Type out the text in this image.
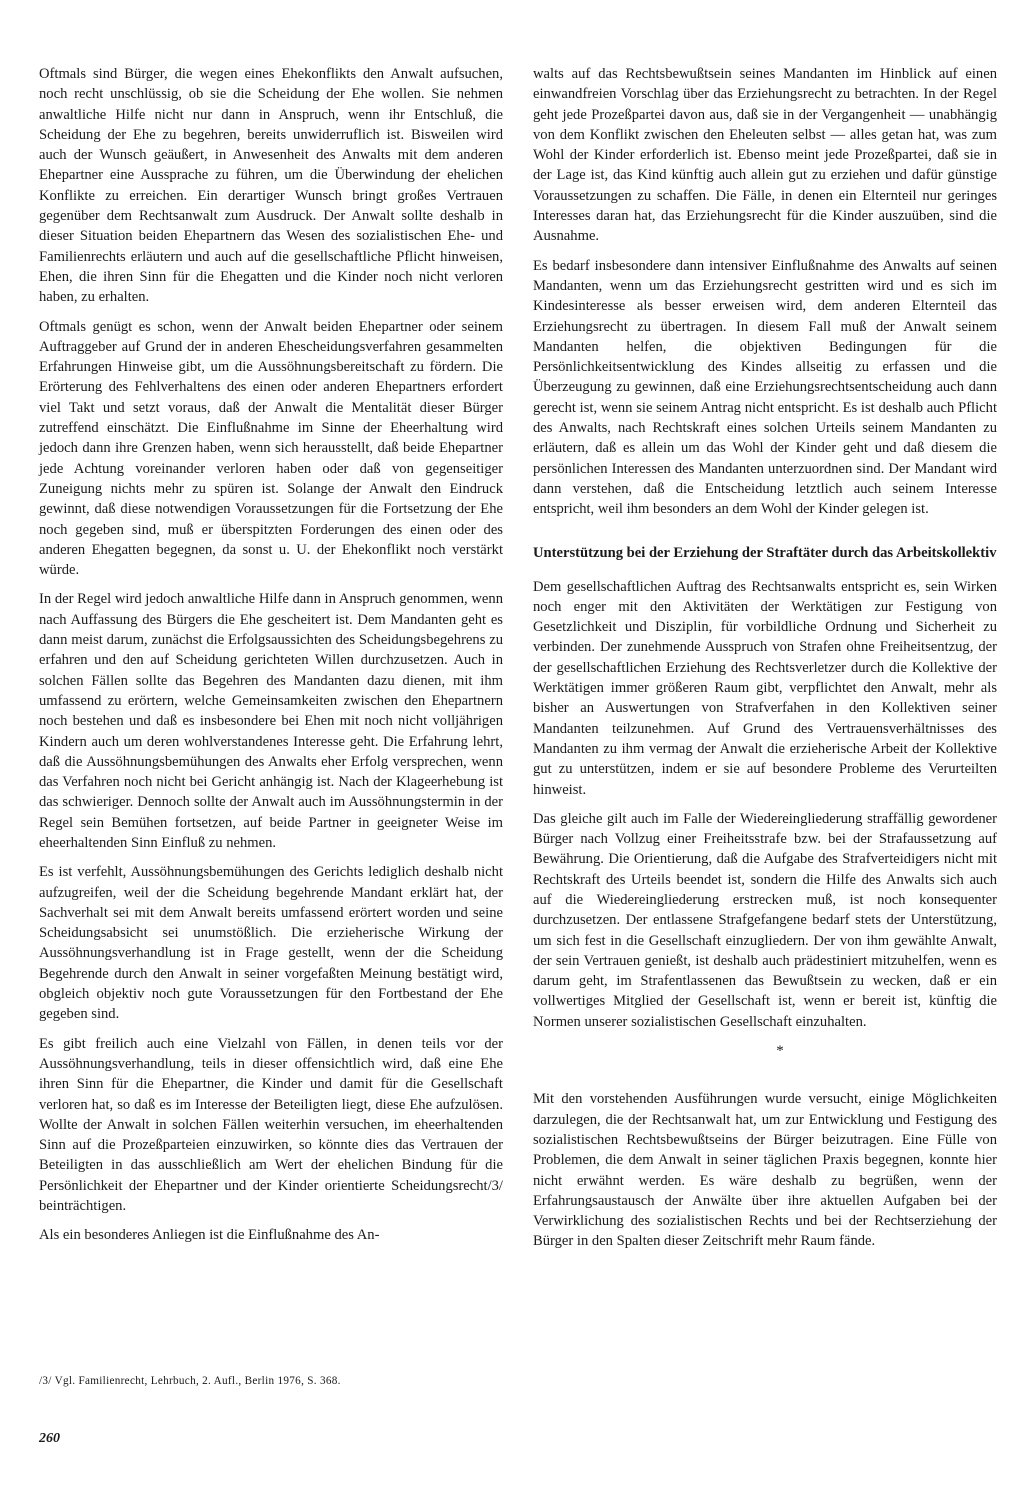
Oftmals sind Bürger, die wegen eines Ehekonflikts den Anwalt aufsuchen, noch recht unschlüssig, ob sie die Scheidung der Ehe wollen. Sie nehmen anwaltliche Hilfe nicht nur dann in Anspruch, wenn ihr Entschluß, die Scheidung der Ehe zu begehren, bereits unwiderruflich ist. Bisweilen wird auch der Wunsch geäußert, in Anwesenheit des Anwalts mit dem anderen Ehepartner eine Aussprache zu führen, um die Überwindung der ehelichen Konflikte zu erreichen. Ein derartiger Wunsch bringt großes Vertrauen gegenüber dem Rechtsanwalt zum Ausdruck. Der Anwalt sollte deshalb in dieser Situation beiden Ehepartnern das Wesen des sozialistischen Ehe- und Familienrechts erläutern und auch auf die gesellschaftliche Pflicht hinweisen, Ehen, die ihren Sinn für die Ehegatten und die Kinder noch nicht verloren haben, zu erhalten.

Oftmals genügt es schon, wenn der Anwalt beiden Ehepartner oder seinem Auftraggeber auf Grund der in anderen Ehescheidungsverfahren gesammelten Erfahrungen Hinweise gibt, um die Aussöhnungsbereitschaft zu fördern. Die Erörterung des Fehlverhaltens des einen oder anderen Ehepartners erfordert viel Takt und setzt voraus, daß der Anwalt die Mentalität dieser Bürger zutreffend einschätzt. Die Einflußnahme im Sinne der Eheerhaltung wird jedoch dann ihre Grenzen haben, wenn sich herausstellt, daß beide Ehepartner jede Achtung voreinander verloren haben oder daß von gegenseitiger Zuneigung nichts mehr zu spüren ist. Solange der Anwalt den Eindruck gewinnt, daß diese notwendigen Voraussetzungen für die Fortsetzung der Ehe noch gegeben sind, muß er überspitzten Forderungen des einen oder des anderen Ehegatten begegnen, da sonst u. U. der Ehekonflikt noch verstärkt würde.

In der Regel wird jedoch anwaltliche Hilfe dann in Anspruch genommen, wenn nach Auffassung des Bürgers die Ehe gescheitert ist. Dem Mandanten geht es dann meist darum, zunächst die Erfolgsaussichten des Scheidungsbegehrens zu erfahren und den auf Scheidung gerichteten Willen durchzusetzen. Auch in solchen Fällen sollte das Begehren des Mandanten dazu dienen, mit ihm umfassend zu erörtern, welche Gemeinsamkeiten zwischen den Ehepartnern noch bestehen und daß es insbesondere bei Ehen mit noch nicht volljährigen Kindern auch um deren wohlverstandenes Interesse geht. Die Erfahrung lehrt, daß die Aussöhnungsbemühungen des Anwalts eher Erfolg versprechen, wenn das Verfahren noch nicht bei Gericht anhängig ist. Nach der Klageerhebung ist das schwieriger. Dennoch sollte der Anwalt auch im Aussöhnungstermin in der Regel sein Bemühen fortsetzen, auf beide Partner in geeigneter Weise im eheerhaltenden Sinn Einfluß zu nehmen.

Es ist verfehlt, Aussöhnungsbemühungen des Gerichts lediglich deshalb nicht aufzugreifen, weil der die Scheidung begehrende Mandant erklärt hat, der Sachverhalt sei mit dem Anwalt bereits umfassend erörtert worden und seine Scheidungsabsicht sei unumstößlich. Die erzieherische Wirkung der Aussöhnungsverhandlung ist in Frage gestellt, wenn der die Scheidung Begehrende durch den Anwalt in seiner vorgefaßten Meinung bestätigt wird, obgleich objektiv noch gute Voraussetzungen für den Fortbestand der Ehe gegeben sind.

Es gibt freilich auch eine Vielzahl von Fällen, in denen teils vor der Aussöhnungsverhandlung, teils in dieser offensichtlich wird, daß eine Ehe ihren Sinn für die Ehepartner, die Kinder und damit für die Gesellschaft verloren hat, so daß es im Interesse der Beteiligten liegt, diese Ehe aufzulösen. Wollte der Anwalt in solchen Fällen weiterhin versuchen, im eheerhaltenden Sinn auf die Prozeßparteien einzuwirken, so könnte dies das Vertrauen der Beteiligten in das ausschließlich am Wert der ehelichen Bindung für die Persönlichkeit der Ehepartner und der Kinder orientierte Scheidungsrecht/3/ beinträchtigen.

Als ein besonderes Anliegen ist die Einflußnahme des An-

walts auf das Rechtsbewußtsein seines Mandanten im Hinblick auf einen einwandfreien Vorschlag über das Erziehungsrecht zu betrachten. In der Regel geht jede Prozeßpartei davon aus, daß sie in der Vergangenheit — unabhängig von dem Konflikt zwischen den Eheleuten selbst — alles getan hat, was zum Wohl der Kinder erforderlich ist. Ebenso meint jede Prozeßpartei, daß sie in der Lage ist, das Kind künftig auch allein gut zu erziehen und dafür günstige Voraussetzungen zu schaffen. Die Fälle, in denen ein Elternteil nur geringes Interesses daran hat, das Erziehungsrecht für die Kinder auszuüben, sind die Ausnahme.

Es bedarf insbesondere dann intensiver Einflußnahme des Anwalts auf seinen Mandanten, wenn um das Erziehungsrecht gestritten wird und es sich im Kindesinteresse als besser erweisen wird, dem anderen Elternteil das Erziehungsrecht zu übertragen. In diesem Fall muß der Anwalt seinem Mandanten helfen, die objektiven Bedingungen für die Persönlichkeitsentwicklung des Kindes allseitig zu erfassen und die Überzeugung zu gewinnen, daß eine Erziehungsrechtsentscheidung auch dann gerecht ist, wenn sie seinem Antrag nicht entspricht. Es ist deshalb auch Pflicht des Anwalts, nach Rechtskraft eines solchen Urteils seinem Mandanten zu erläutern, daß es allein um das Wohl der Kinder geht und daß diesem die persönlichen Interessen des Mandanten unterzuordnen sind. Der Mandant wird dann verstehen, daß die Entscheidung letztlich auch seinem Interesse entspricht, weil ihm besonders an dem Wohl der Kinder gelegen ist.

Unterstützung bei der Erziehung der Straftäter durch das Arbeitskollektiv

Dem gesellschaftlichen Auftrag des Rechtsanwalts entspricht es, sein Wirken noch enger mit den Aktivitäten der Werktätigen zur Festigung von Gesetzlichkeit und Disziplin, für vorbildliche Ordnung und Sicherheit zu verbinden. Der zunehmende Ausspruch von Strafen ohne Freiheitsentzug, der der gesellschaftlichen Erziehung des Rechtsverletzer durch die Kollektive der Werktätigen immer größeren Raum gibt, verpflichtet den Anwalt, mehr als bisher an Auswertungen von Strafverfahen in den Kollektiven seiner Mandanten teilzunehmen. Auf Grund des Vertrauensverhältnisses des Mandanten zu ihm vermag der Anwalt die erzieherische Arbeit der Kollektive gut zu unterstützen, indem er sie auf besondere Probleme des Verurteilten hinweist.

Das gleiche gilt auch im Falle der Wiedereingliederung straffällig gewordener Bürger nach Vollzug einer Freiheitsstrafe bzw. bei der Strafaussetzung auf Bewährung. Die Orientierung, daß die Aufgabe des Strafverteidigers nicht mit Rechtskraft des Urteils beendet ist, sondern die Hilfe des Anwalts sich auch auf die Wiedereingliederung erstrecken muß, ist noch konsequenter durchzusetzen. Der entlassene Strafgefangene bedarf stets der Unterstützung, um sich fest in die Gesellschaft einzugliedern. Der von ihm gewählte Anwalt, der sein Vertrauen genießt, ist deshalb auch prädestiniert mitzuhelfen, wenn es darum geht, im Strafentlassenen das Bewußtsein zu wecken, daß er ein vollwertiges Mitglied der Gesellschaft ist, wenn er bereit ist, künftig die Normen unserer sozialistischen Gesellschaft einzuhalten.

*

Mit den vorstehenden Ausführungen wurde versucht, einige Möglichkeiten darzulegen, die der Rechtsanwalt hat, um zur Entwicklung und Festigung des sozialistischen Rechtsbewußtseins der Bürger beizutragen. Eine Fülle von Problemen, die dem Anwalt in seiner täglichen Praxis begegnen, konnte hier nicht erwähnt werden. Es wäre deshalb zu begrüßen, wenn der Erfahrungsaustausch der Anwälte über ihre aktuellen Aufgaben bei der Verwirklichung des sozialistischen Rechts und bei der Rechtserziehung der Bürger in den Spalten dieser Zeitschrift mehr Raum fände.

/3/ Vgl. Familienrecht, Lehrbuch, 2. Aufl., Berlin 1976, S. 368.
260
